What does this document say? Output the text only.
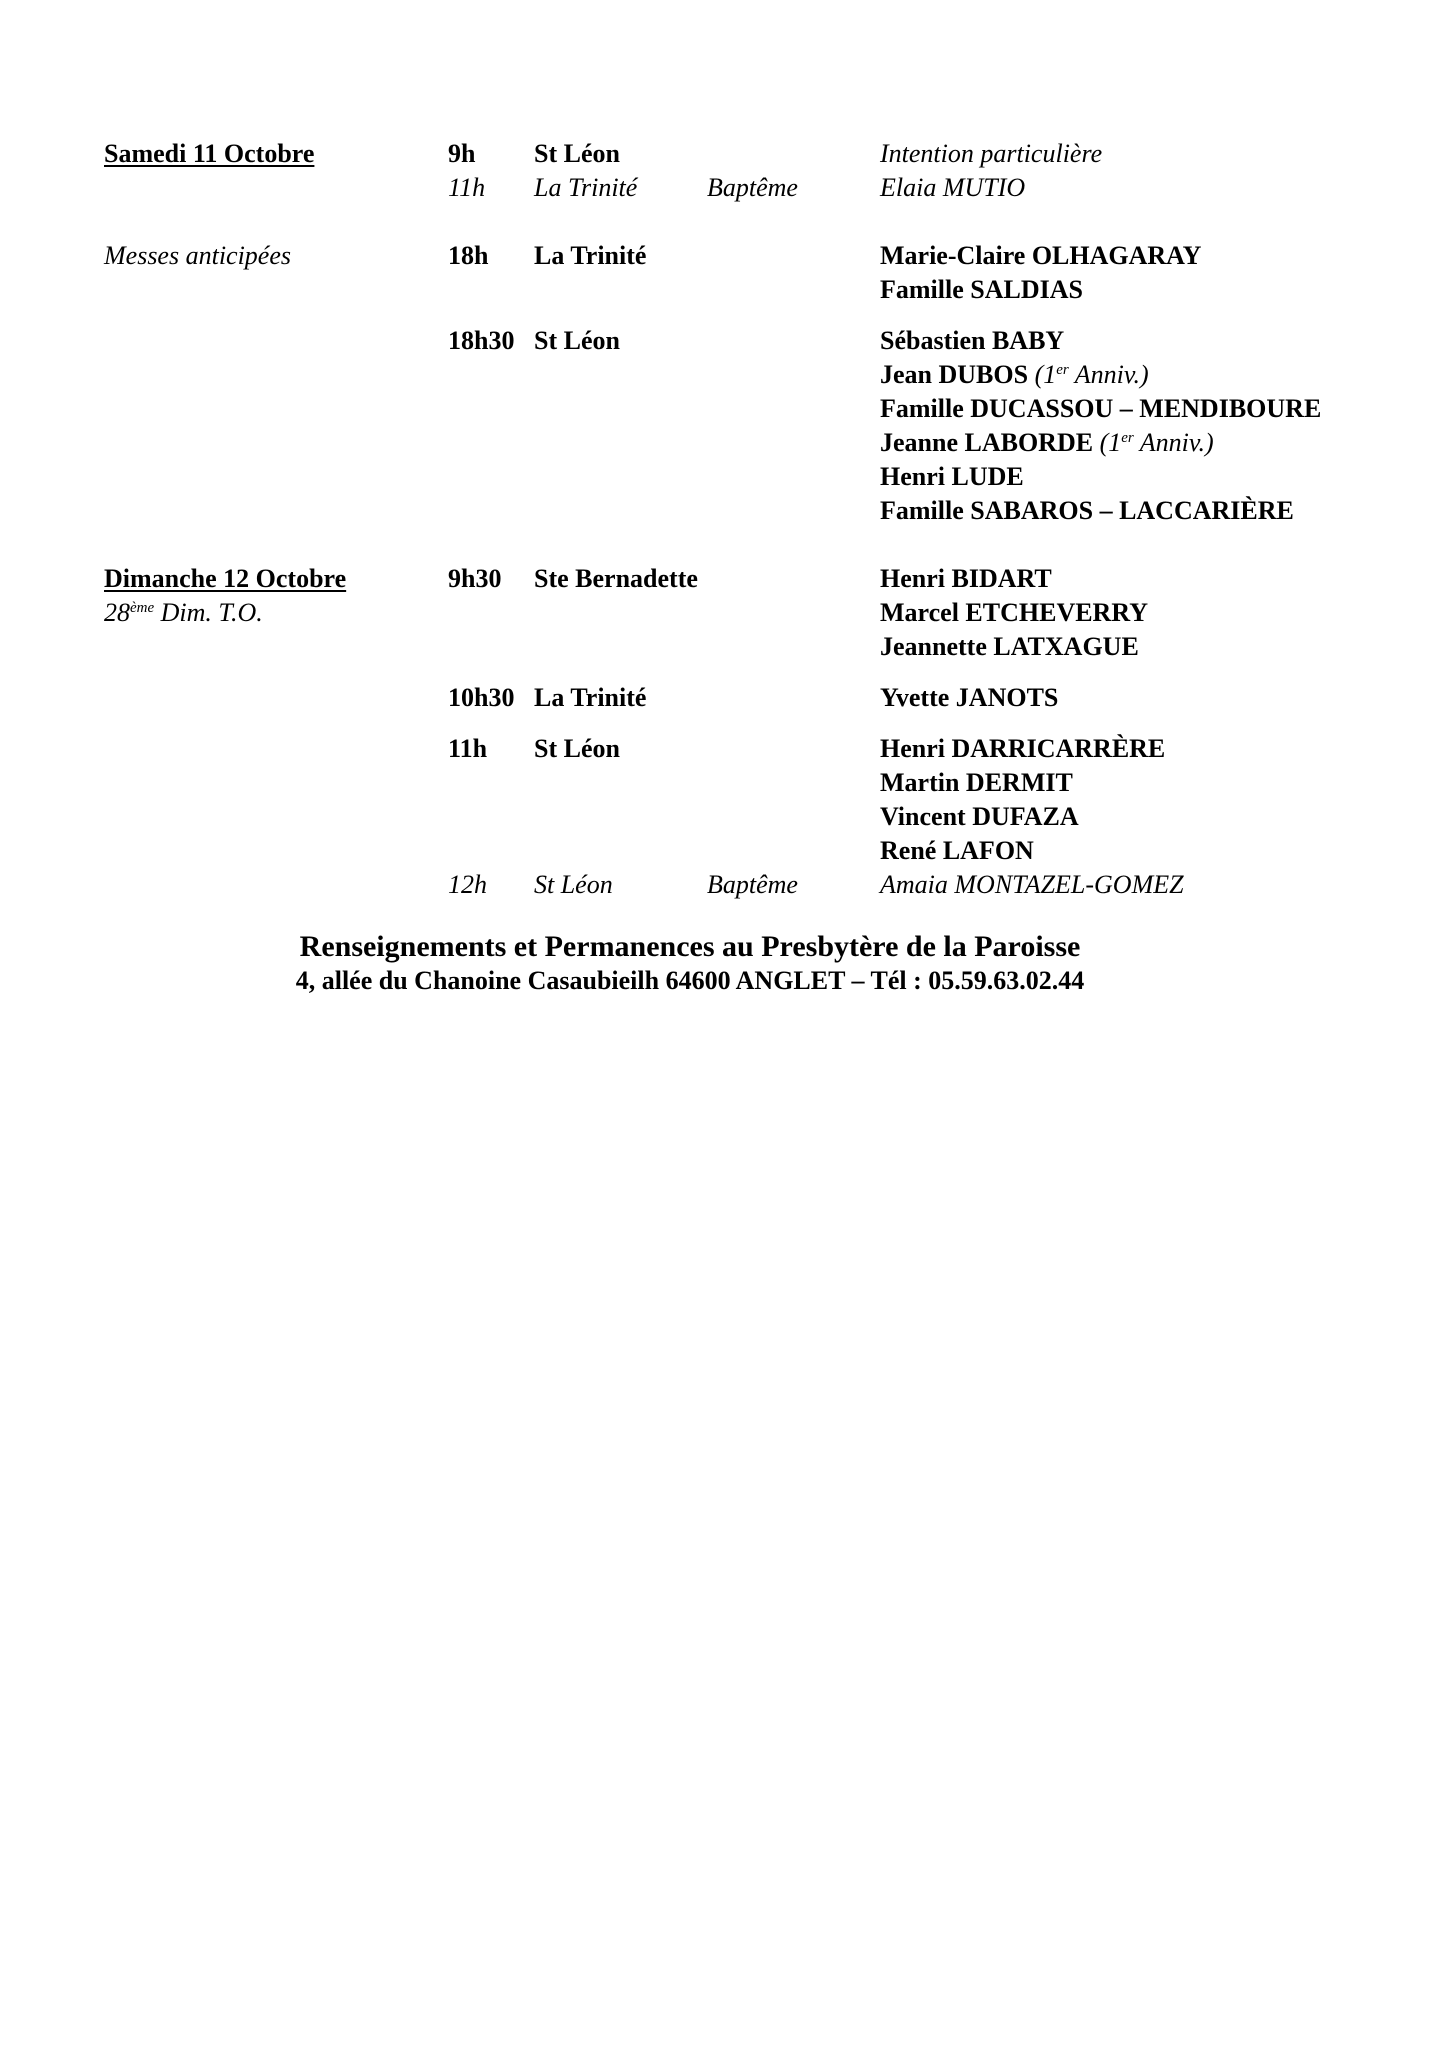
Samedi 11 Octobre	9h St Léon	Intention particulière
11h La Trinité	Baptême	Elaia MUTIO
Messes anticipées	18h La Trinité	Marie-Claire OLHAGARAY
Famille SALDIAS
18h30 St Léon	Sébastien BABY
Jean DUBOS (1er Anniv.)
Famille DUCASSOU – MENDIBOURE
Jeanne LABORDE (1er Anniv.)
Henri LUDE
Famille SABAROS – LACCARIÈRE
Dimanche 12 Octobre
28ème Dim. T.O.
9h30 Ste Bernadette	Henri BIDART
Marcel ETCHEVERRY
Jeannette LATXAGUE
10h30 La Trinité	Yvette JANOTS
11h St Léon	Henri DARRICARRÈRE
Martin DERMIT
Vincent DUFAZA
René LAFON
12h St Léon	Baptême	Amaia MONTAZEL-GOMEZ
Renseignements et Permanences au Presbytère de la Paroisse
4, allée du Chanoine Casaubieilh 64600 ANGLET – Tél : 05.59.63.02.44
